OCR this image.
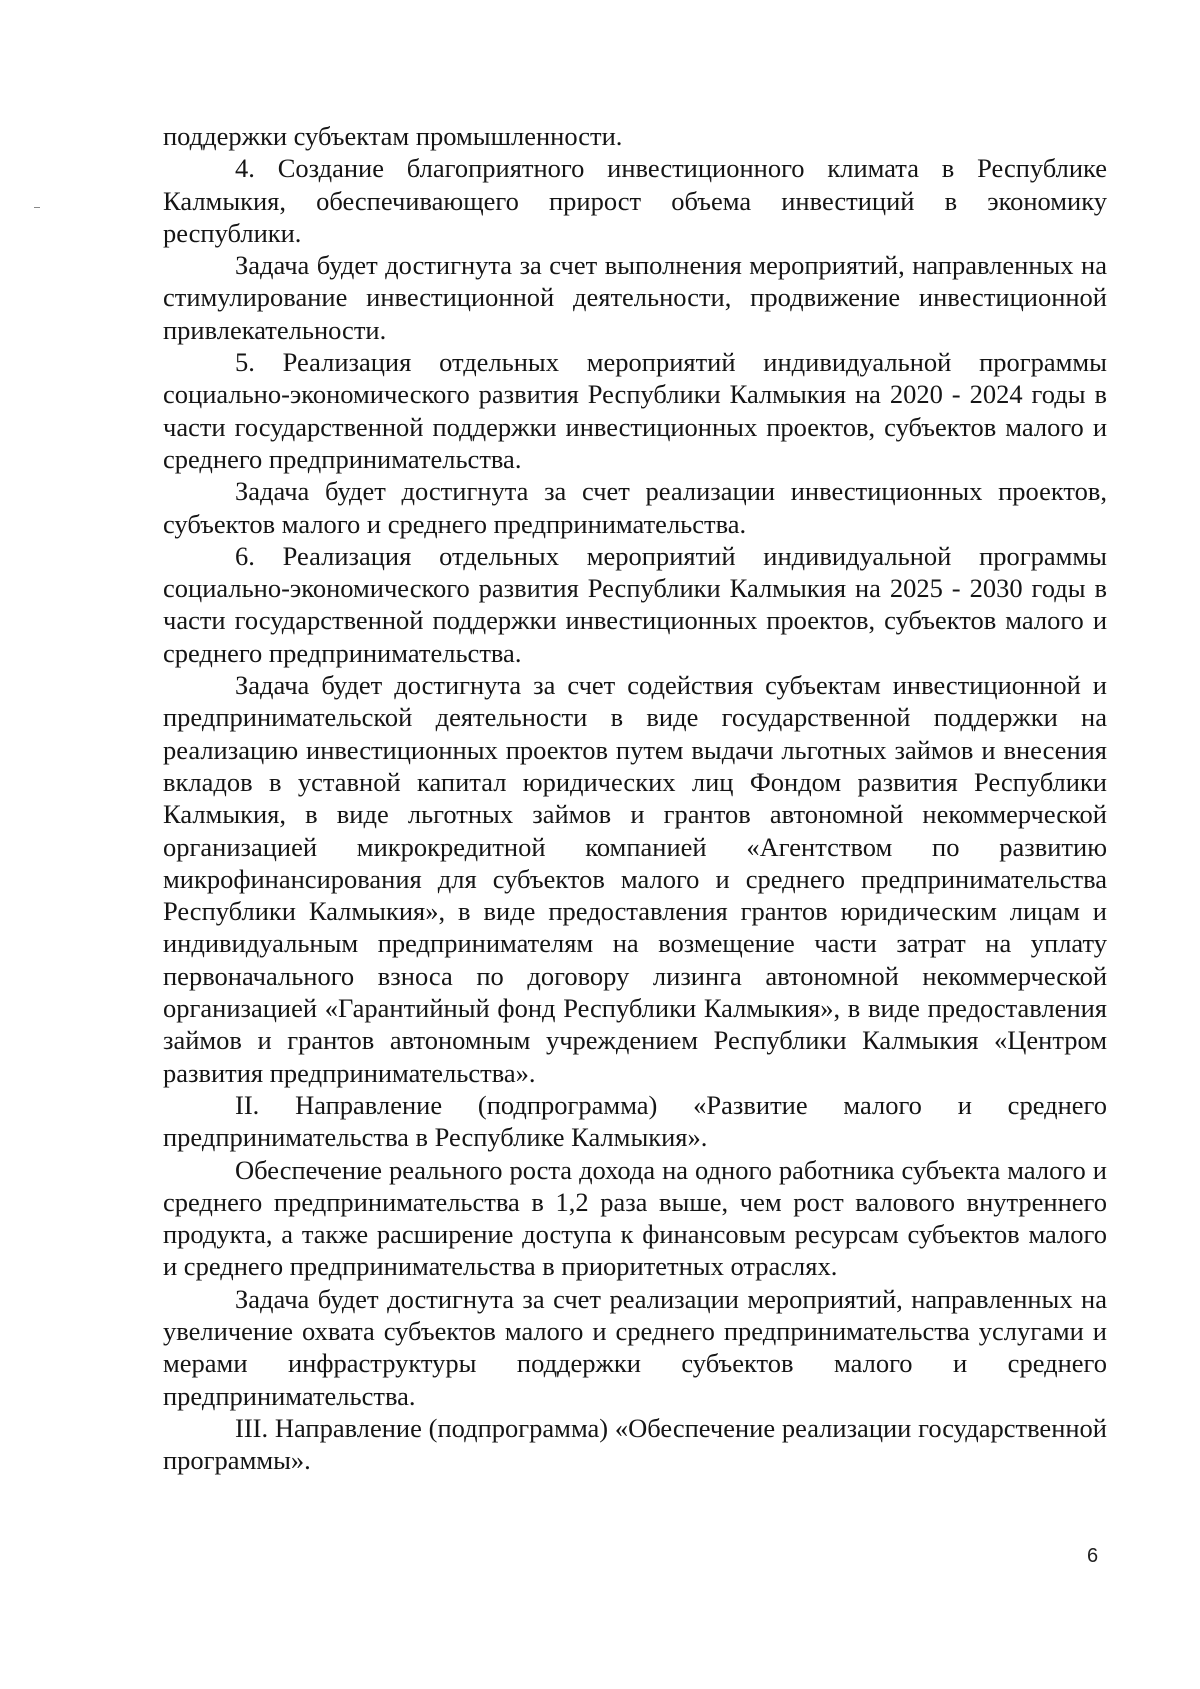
поддержки субъектам промышленности.

4. Создание благоприятного инвестиционного климата в Республике Калмыкия, обеспечивающего прирост объема инвестиций в экономику республики.

Задача будет достигнута за счет выполнения мероприятий, направленных на стимулирование инвестиционной деятельности, продвижение инвестиционной привлекательности.

5. Реализация отдельных мероприятий индивидуальной программы социально-экономического развития Республики Калмыкия на 2020 - 2024 годы в части государственной поддержки инвестиционных проектов, субъектов малого и среднего предпринимательства.

Задача будет достигнута за счет реализации инвестиционных проектов, субъектов малого и среднего предпринимательства.

6. Реализация отдельных мероприятий индивидуальной программы социально-экономического развития Республики Калмыкия на 2025 - 2030 годы в части государственной поддержки инвестиционных проектов, субъектов малого и среднего предпринимательства.

Задача будет достигнута за счет содействия субъектам инвестиционной и предпринимательской деятельности в виде государственной поддержки на реализацию инвестиционных проектов путем выдачи льготных займов и внесения вкладов в уставной капитал юридических лиц Фондом развития Республики Калмыкия, в виде льготных займов и грантов автономной некоммерческой организацией микрокредитной компанией «Агентством по развитию микрофинансирования для субъектов малого и среднего предпринимательства Республики Калмыкия», в виде предоставления грантов юридическим лицам и индивидуальным предпринимателям на возмещение части затрат на уплату первоначального взноса по договору лизинга автономной некоммерческой организацией «Гарантийный фонд Республики Калмыкия», в виде предоставления займов и грантов автономным учреждением Республики Калмыкия «Центром развития предпринимательства».

II. Направление (подпрограмма) «Развитие малого и среднего предпринимательства в Республике Калмыкия».

Обеспечение реального роста дохода на одного работника субъекта малого и среднего предпринимательства в 1,2 раза выше, чем рост валового внутреннего продукта, а также расширение доступа к финансовым ресурсам субъектов малого и среднего предпринимательства в приоритетных отраслях.

Задача будет достигнута за счет реализации мероприятий, направленных на увеличение охвата субъектов малого и среднего предпринимательства услугами и мерами инфраструктуры поддержки субъектов малого и среднего предпринимательства.

III. Направление (подпрограмма) «Обеспечение реализации государственной программы».

6
